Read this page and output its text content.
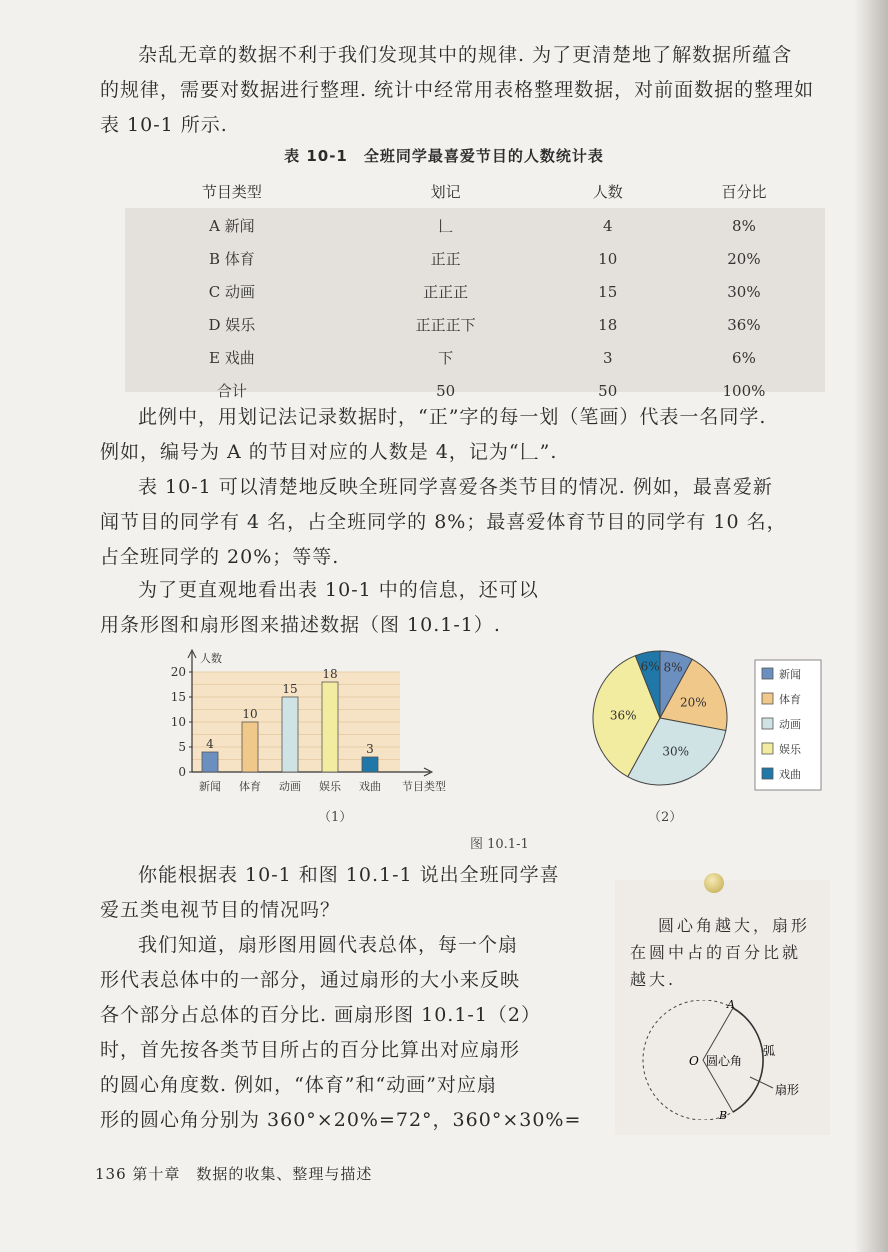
杂乱无章的数据不利于我们发现其中的规律. 为了更清楚地了解数据所蕴含
的规律，需要对数据进行整理. 统计中经常用表格整理数据，对前面数据的整理如
表 10-1 所示.
表 10-1　全班同学最喜爱节目的人数统计表
节目类型	划记	人数	百分比
A 新闻	𠃊	4	8%
B 体育	正正	10	20%
C 动画	正正正	15	30%
D 娱乐	正正正下	18	36%
E 戏曲	下	3	6%
合计	50	50	100%
此例中，用划记法记录数据时，“正”字的每一划（笔画）代表一名同学.
例如，编号为 A 的节目对应的人数是 4，记为“𠃊”.
表 10-1 可以清楚地反映全班同学喜爱各类节目的情况. 例如，最喜爱新
闻节目的同学有 4 名，占全班同学的 8%；最喜爱体育节目的同学有 10 名，
占全班同学的 20%；等等.
为了更直观地看出表 10-1 中的信息，还可以
用条形图和扇形图来描述数据（图 10.1-1）.
0
5
10
15
20
人数
节目类型
4
新闻
10
体育
15
动画
18
娱乐
3
戏曲
（1）
8%
20%
30%
36%
6%
新闻
体育
动画
娱乐
戏曲
（2）
图 10.1-1
你能根据表 10-1 和图 10.1-1 说出全班同学喜
爱五类电视节目的情况吗？
我们知道，扇形图用圆代表总体，每一个扇
形代表总体中的一部分，通过扇形的大小来反映
各个部分占总体的百分比. 画扇形图 10.1-1（2）
时，首先按各类节目所占的百分比算出对应扇形
的圆心角度数. 例如，“体育”和“动画”对应扇
形的圆心角分别为 360°×20%=72°，360°×30%=
圆心角越大，扇形
在圆中占的百分比就
越大.
O 圆心角
弧
扇形
A
B
136 第十章　数据的收集、整理与描述
